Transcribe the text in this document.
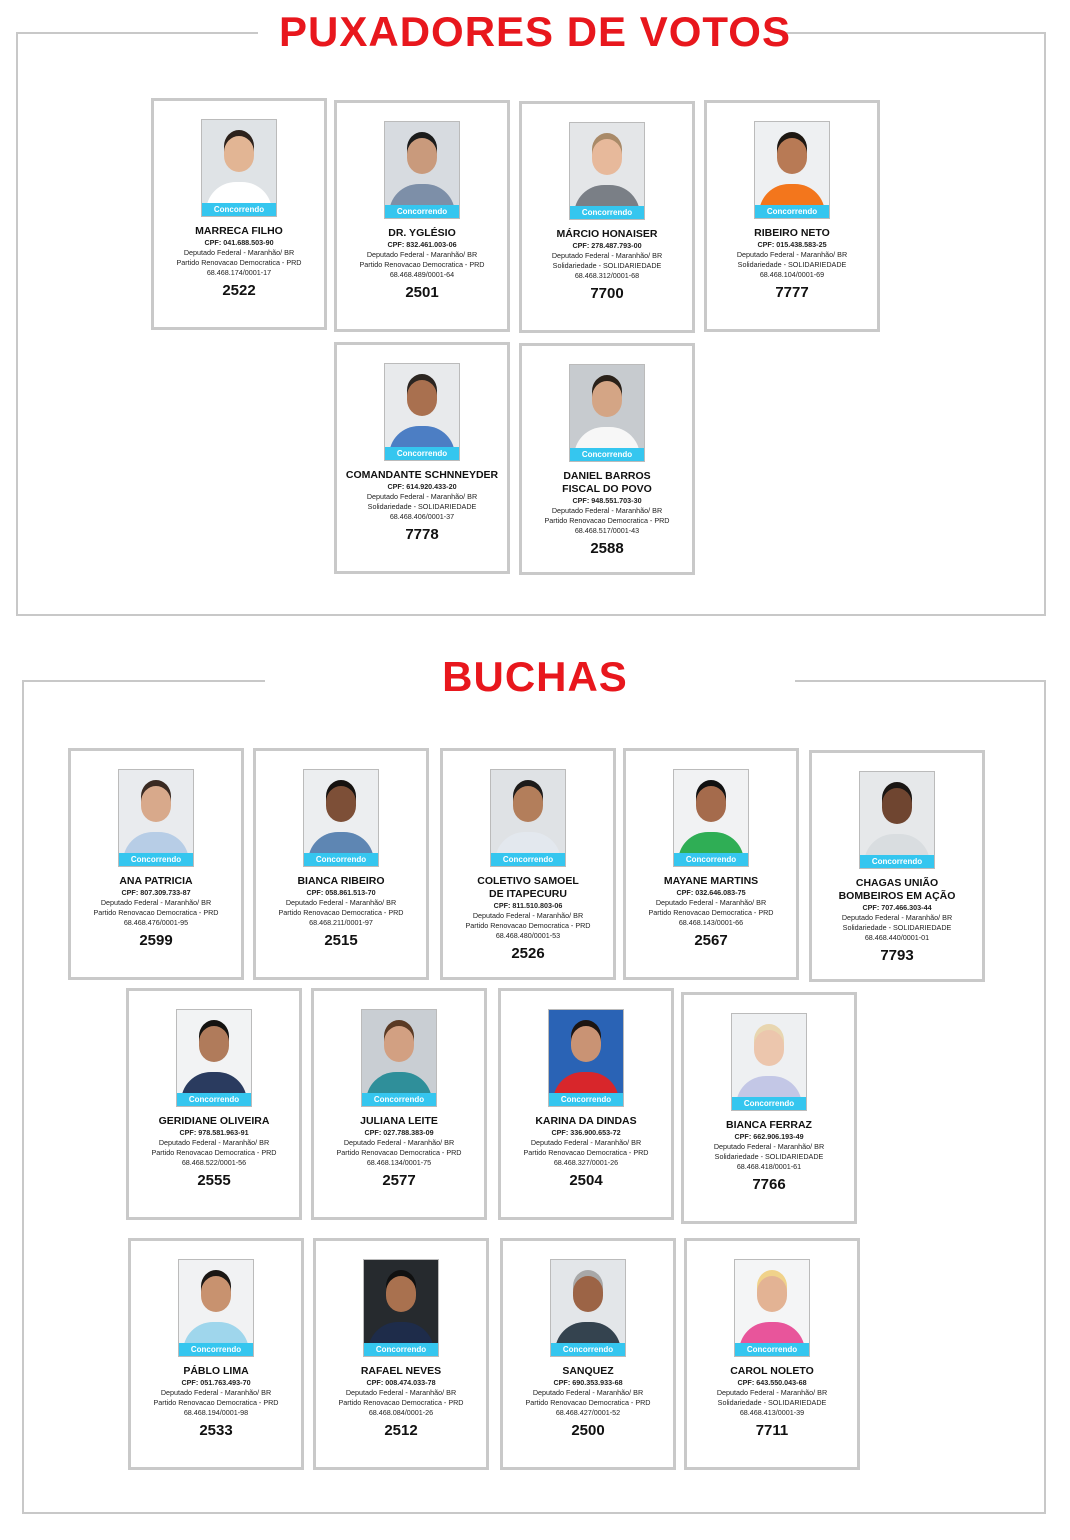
PUXADORES DE VOTOS
BUCHAS
Concorrendo
MARRECA FILHO
CPF: 041.688.503-90
Deputado Federal - Maranhão/ BR
Partido Renovacao Democratica - PRD
68.468.174/0001-17
2522
Concorrendo
DR. YGLÉSIO
CPF: 832.461.003-06
Deputado Federal - Maranhão/ BR
Partido Renovacao Democratica - PRD
68.468.489/0001-64
2501
Concorrendo
MÁRCIO HONAISER
CPF: 278.487.793-00
Deputado Federal - Maranhão/ BR
Solidariedade - SOLIDARIEDADE
68.468.312/0001-68
7700
Concorrendo
RIBEIRO NETO
CPF: 015.438.583-25
Deputado Federal - Maranhão/ BR
Solidariedade - SOLIDARIEDADE
68.468.104/0001-69
7777
Concorrendo
COMANDANTE SCHNNEYDER
CPF: 614.920.433-20
Deputado Federal - Maranhão/ BR
Solidariedade - SOLIDARIEDADE
68.468.406/0001-37
7778
Concorrendo
DANIEL BARROS
FISCAL DO POVO
CPF: 948.551.703-30
Deputado Federal - Maranhão/ BR
Partido Renovacao Democratica - PRD
68.468.517/0001-43
2588
Concorrendo
ANA PATRICIA
CPF: 807.309.733-87
Deputado Federal - Maranhão/ BR
Partido Renovacao Democratica - PRD
68.468.476/0001-95
2599
Concorrendo
BIANCA RIBEIRO
CPF: 058.861.513-70
Deputado Federal - Maranhão/ BR
Partido Renovacao Democratica - PRD
68.468.211/0001-97
2515
Concorrendo
COLETIVO SAMOEL
DE ITAPECURU
CPF: 811.510.803-06
Deputado Federal - Maranhão/ BR
Partido Renovacao Democratica - PRD
68.468.480/0001-53
2526
Concorrendo
MAYANE MARTINS
CPF: 032.646.083-75
Deputado Federal - Maranhão/ BR
Partido Renovacao Democratica - PRD
68.468.143/0001-66
2567
Concorrendo
CHAGAS UNIÃO
BOMBEIROS EM AÇÃO
CPF: 707.466.303-44
Deputado Federal - Maranhão/ BR
Solidariedade - SOLIDARIEDADE
68.468.440/0001-01
7793
Concorrendo
GERIDIANE OLIVEIRA
CPF: 978.581.963-91
Deputado Federal - Maranhão/ BR
Partido Renovacao Democratica - PRD
68.468.522/0001-56
2555
Concorrendo
JULIANA LEITE
CPF: 027.788.383-09
Deputado Federal - Maranhão/ BR
Partido Renovacao Democratica - PRD
68.468.134/0001-75
2577
Concorrendo
KARINA DA DINDAS
CPF: 336.900.653-72
Deputado Federal - Maranhão/ BR
Partido Renovacao Democratica - PRD
68.468.327/0001-26
2504
Concorrendo
BIANCA FERRAZ
CPF: 662.906.193-49
Deputado Federal - Maranhão/ BR
Solidariedade - SOLIDARIEDADE
68.468.418/0001-61
7766
Concorrendo
PÁBLO LIMA
CPF: 051.763.493-70
Deputado Federal - Maranhão/ BR
Partido Renovacao Democratica - PRD
68.468.194/0001-98
2533
Concorrendo
RAFAEL NEVES
CPF: 008.474.033-78
Deputado Federal - Maranhão/ BR
Partido Renovacao Democratica - PRD
68.468.084/0001-26
2512
Concorrendo
SANQUEZ
CPF: 690.353.933-68
Deputado Federal - Maranhão/ BR
Partido Renovacao Democratica - PRD
68.468.427/0001-52
2500
Concorrendo
CAROL NOLETO
CPF: 643.550.043-68
Deputado Federal - Maranhão/ BR
Solidariedade - SOLIDARIEDADE
68.468.413/0001-39
7711
